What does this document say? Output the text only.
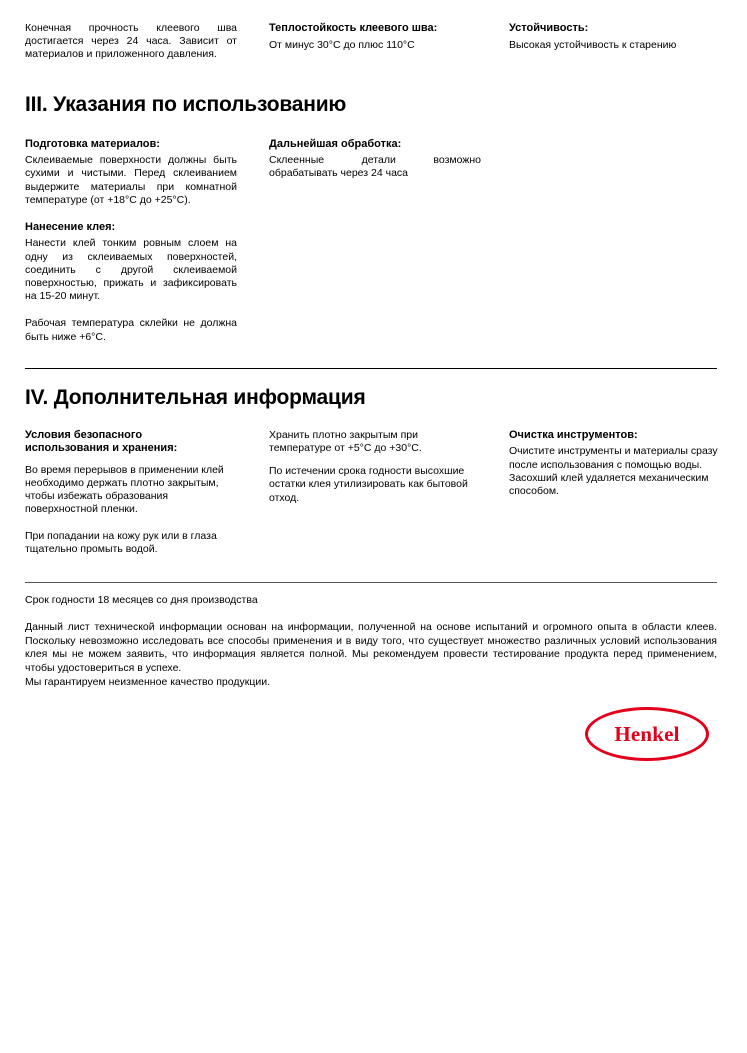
Конечная прочность клеевого шва достигается через 24 часа. Зависит от материалов и приложенного давления.
Теплостойкость клеевого шва:
От минус 30°С до плюс 110°С
Устойчивость:
Высокая устойчивость к старению
III. Указания по использованию
Подготовка материалов:
Склеиваемые поверхности должны быть сухими и чистыми. Перед склеиванием выдержите материалы при комнатной температуре (от +18°С до +25°С).
Нанесение клея:
Нанести клей тонким ровным слоем на одну из склеиваемых поверхностей, соединить с другой склеиваемой поверхностью, прижать и зафиксировать на 15-20 минут.
Рабочая температура склейки не должна быть ниже +6°С.
Дальнейшая обработка:
Склеенные детали возможно обрабатывать через 24 часа
IV. Дополнительная информация
Условия безопасного
использования и хранения:
Во время перерывов в применении клей необходимо держать плотно закрытым, чтобы избежать образования поверхностной пленки.
При попадании на кожу рук или в глаза тщательно промыть водой.
Хранить плотно закрытым при температуре от +5°С до +30°С.
По истечении срока годности высохшие остатки клея утилизировать как бытовой отход.
Очистка инструментов:
Очистите инструменты и материалы сразу после использования с помощью воды. Засохший клей удаляется механическим способом.
Срок годности 18 месяцев со дня производства
Данный лист технической информации основан на информации, полученной на основе испытаний и огромного опыта в области клеев. Поскольку невозможно исследовать все способы применения и в виду того, что существует множество различных условий использования клея мы не можем заявить, что информация является полной. Мы рекомендуем провести тестирование продукта перед применением, чтобы удостовериться в успехе.
Мы гарантируем неизменное качество продукции.
Henkel
